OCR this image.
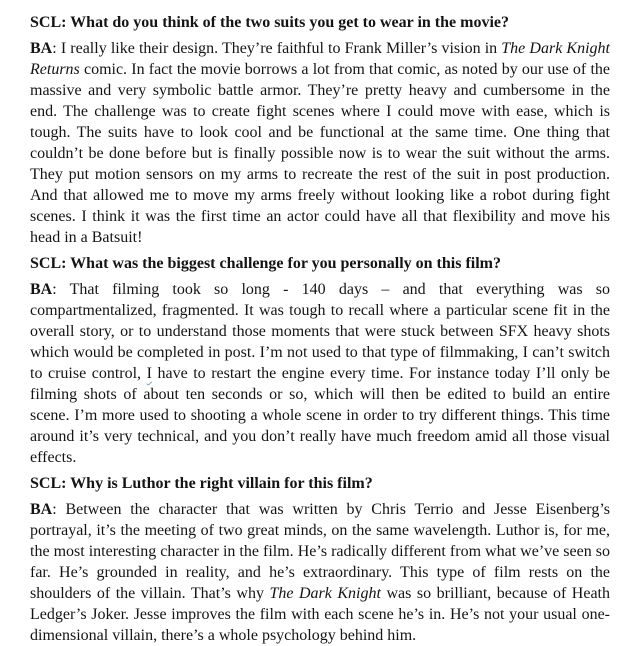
SCL: What do you think of the two suits you get to wear in the movie?

BA: I really like their design. They’re faithful to Frank Miller’s vision in The Dark Knight Returns comic. In fact the movie borrows a lot from that comic, as noted by our use of the massive and very symbolic battle armor. They’re pretty heavy and cumbersome in the end. The challenge was to create fight scenes where I could move with ease, which is tough. The suits have to look cool and be functional at the same time. One thing that couldn’t be done before but is finally possible now is to wear the suit without the arms. They put motion sensors on my arms to recreate the rest of the suit in post production. And that allowed me to move my arms freely without looking like a robot during fight scenes. I think it was the first time an actor could have all that flexibility and move his head in a Batsuit!

SCL: What was the biggest challenge for you personally on this film?

BA: That filming took so long - 140 days – and that everything was so compartmentalized, fragmented. It was tough to recall where a particular scene fit in the overall story, or to understand those moments that were stuck between SFX heavy shots which would be completed in post. I’m not used to that type of filmmaking, I can’t switch to cruise control, I have to restart the engine every time. For instance today I’ll only be filming shots of about ten seconds or so, which will then be edited to build an entire scene. I’m more used to shooting a whole scene in order to try different things. This time around it’s very technical, and you don’t really have much freedom amid all those visual effects.

SCL: Why is Luthor the right villain for this film?

BA: Between the character that was written by Chris Terrio and Jesse Eisenberg’s portrayal, it’s the meeting of two great minds, on the same wavelength. Luthor is, for me, the most interesting character in the film. He’s radically different from what we’ve seen so far. He’s grounded in reality, and he’s extraordinary. This type of film rests on the shoulders of the villain. That’s why The Dark Knight was so brilliant, because of Heath Ledger’s Joker. Jesse improves the film with each scene he’s in. He’s not your usual one-dimensional villain, there’s a whole psychology behind him.
